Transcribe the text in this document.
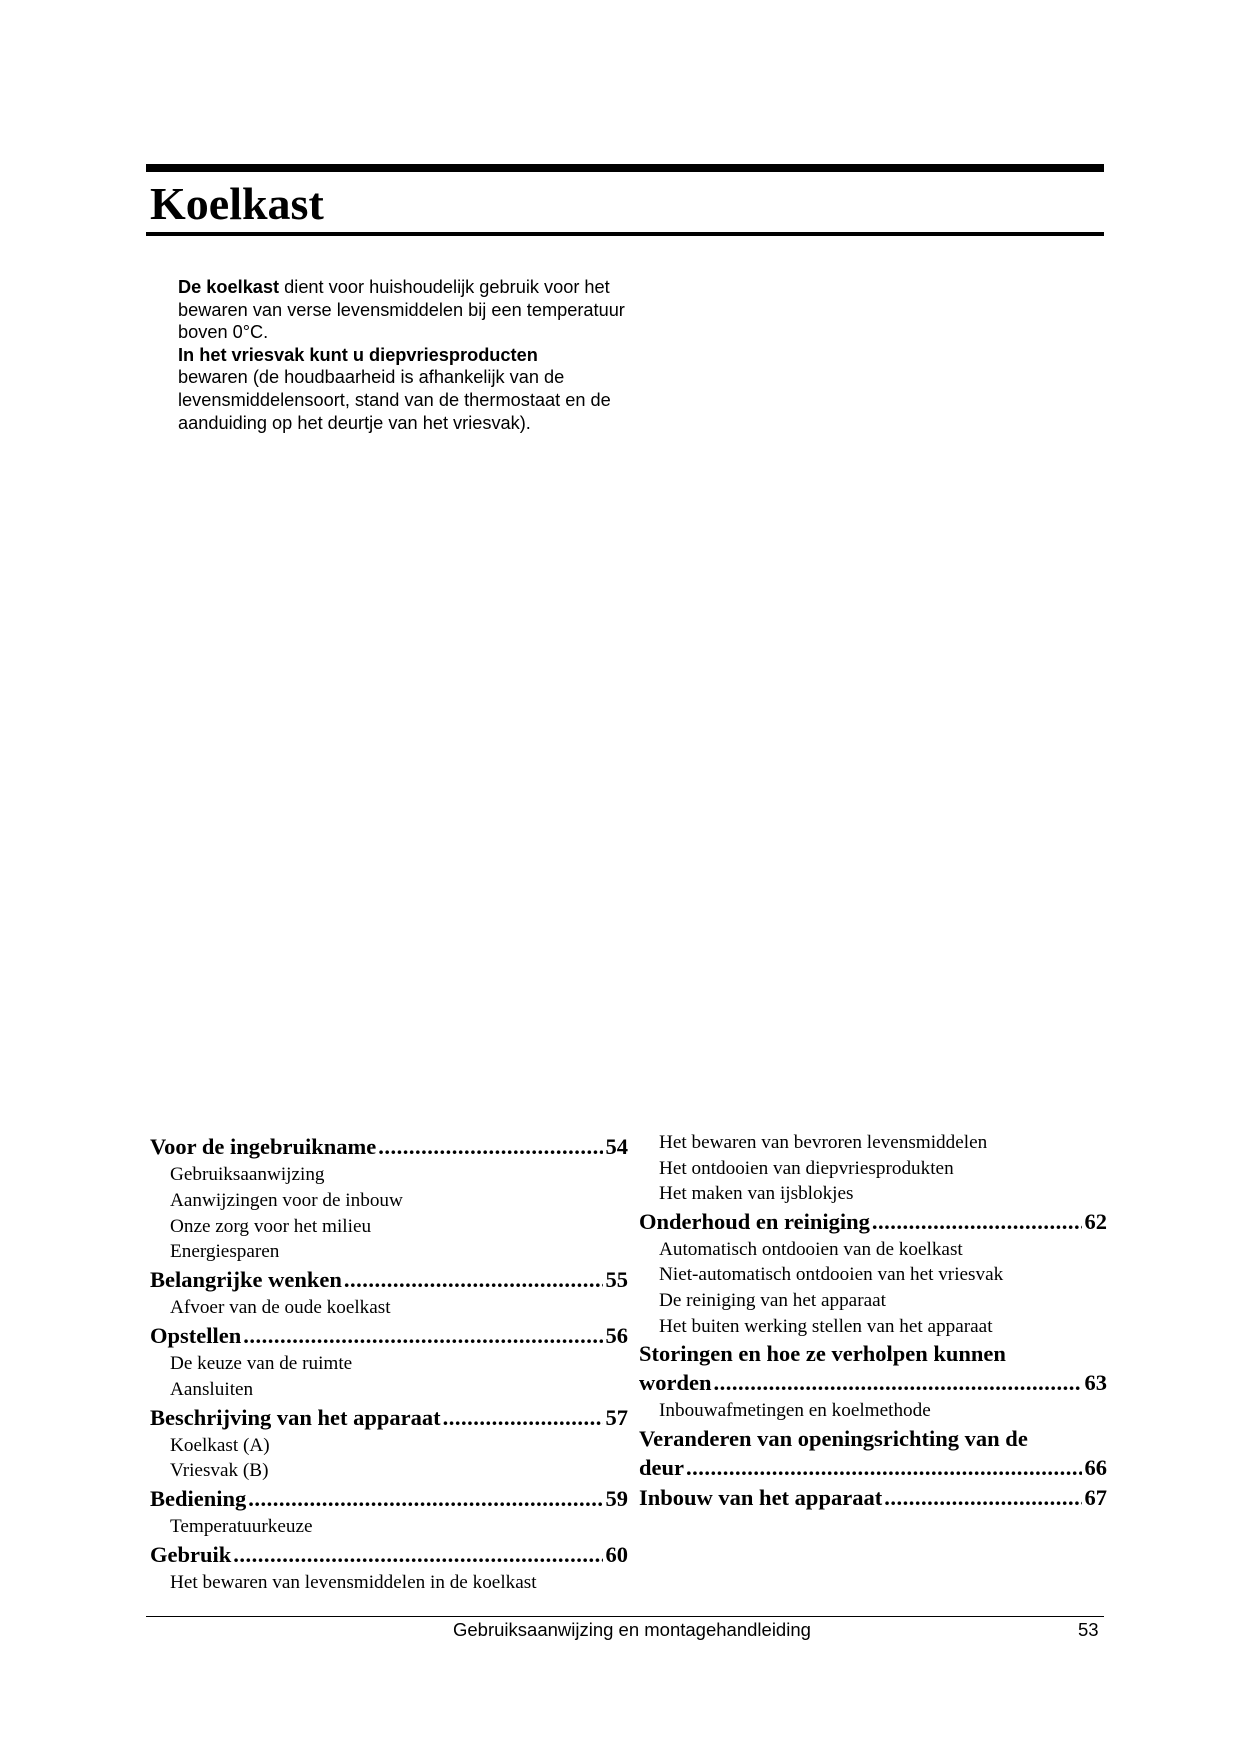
Koelkast

De koelkast dient voor huishoudelijk gebruik voor het bewaren van verse levensmiddelen bij een temperatuur boven 0°C.
In het vriesvak kunt u diepvriesproducten
bewaren (de houdbaarheid is afhankelijk van de levensmiddelensoort, stand van de thermostaat en de aanduiding op het deurtje van het vriesvak).

Voor de ingebruikname .....	54
Gebruiksaanwijzing
Aanwijzingen voor de inbouw
Onze zorg voor het milieu
Energiesparen
Belangrijke wenken .....	55
Afvoer van de oude koelkast
Opstellen .....	56
De keuze van de ruimte
Aansluiten
Beschrijving van het apparaat .....	57
Koelkast (A)
Vriesvak (B)
Bediening .....	59
Temperatuurkeuze
Gebruik .....	60
Het bewaren van levensmiddelen in de koelkast
Het bewaren van bevroren levensmiddelen
Het ontdooien van diepvriesprodukten
Het maken van ijsblokjes
Onderhoud en reiniging .....	62
Automatisch ontdooien van de koelkast
Niet-automatisch ontdooien van het vriesvak
De reiniging van het apparaat
Het buiten werking stellen van het apparaat
Storingen en hoe ze verholpen kunnen
worden .....	63
Inbouwafmetingen en koelmethode
Veranderen van openingsrichting van de
deur .....	66
Inbouw van het apparaat .....	67
Gebruiksaanwijzing en montagehandleiding	53
